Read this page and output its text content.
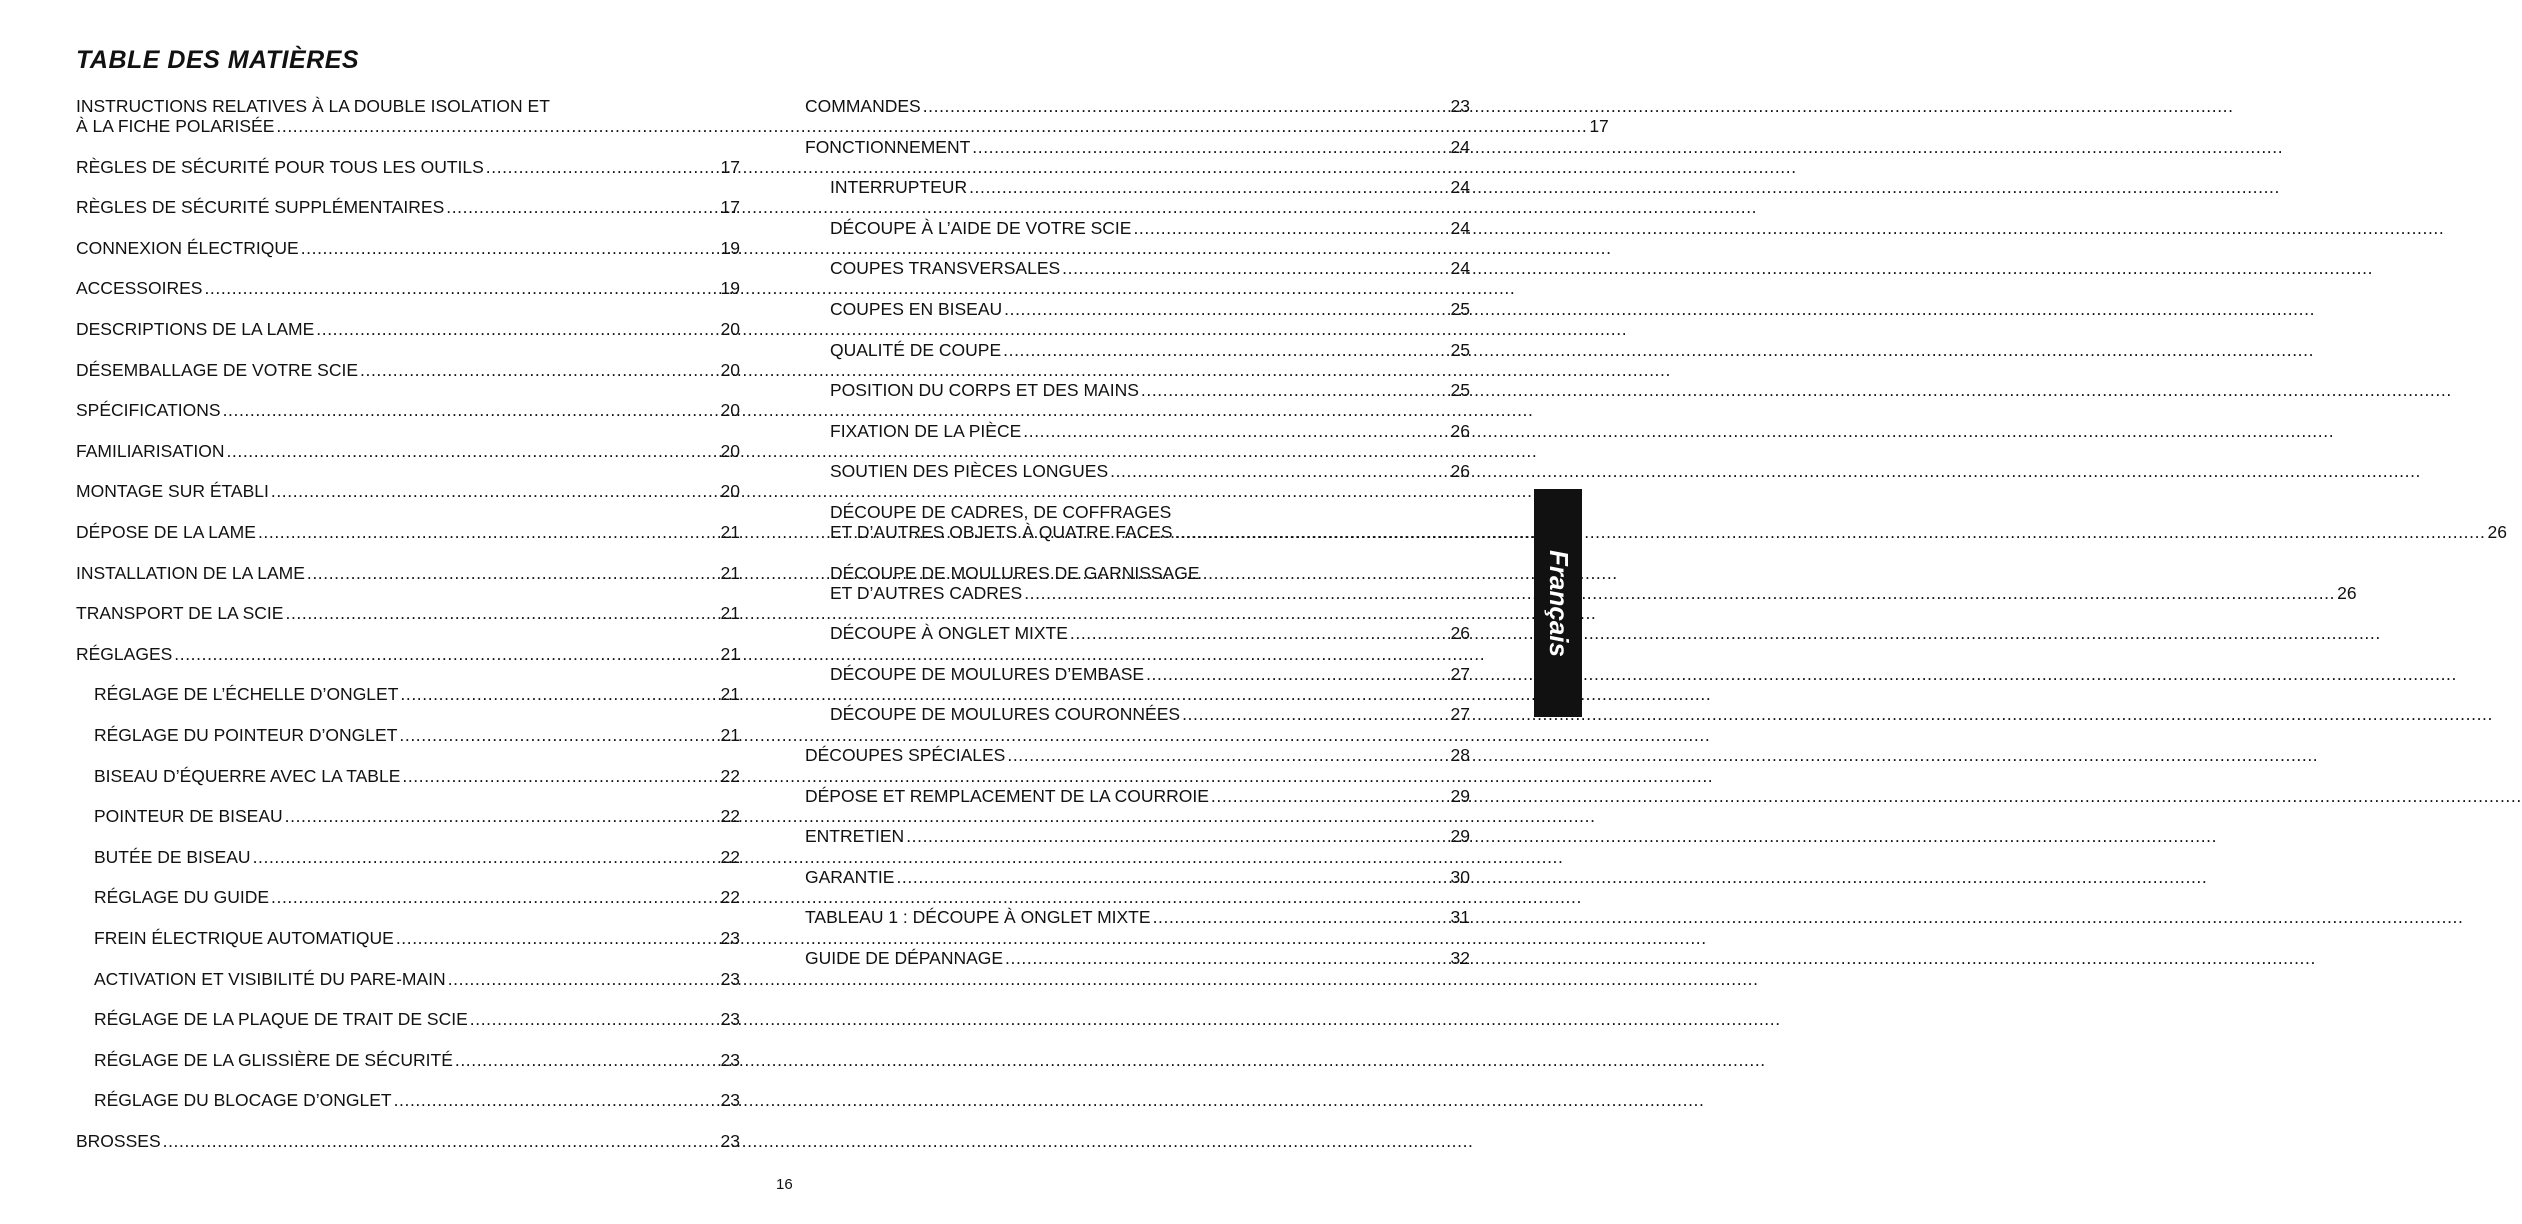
TABLE DES MATIÈRES
INSTRUCTIONS RELATIVES À LA DOUBLE ISOLATION ET
À LA FICHE POLARISÉE .....	17
RÈGLES DE SÉCURITÉ POUR TOUS LES OUTILS .....	17
RÈGLES DE SÉCURITÉ SUPPLÉMENTAIRES .....	17
CONNEXION ÉLECTRIQUE .....	19
ACCESSOIRES .....	19
DESCRIPTIONS DE LA LAME .....	20
DÉSEMBALLAGE DE VOTRE SCIE .....	20
SPÉCIFICATIONS .....	20
FAMILIARISATION .....	20
MONTAGE SUR ÉTABLI .....	20
DÉPOSE DE LA LAME .....	21
INSTALLATION DE LA LAME .....	21
TRANSPORT DE LA SCIE .....	21
RÉGLAGES .....	21
RÉGLAGE DE L’ÉCHELLE D’ONGLET .....	21
RÉGLAGE DU POINTEUR D’ONGLET .....	21
BISEAU D’ÉQUERRE AVEC LA TABLE .....	22
POINTEUR DE BISEAU .....	22
BUTÉE DE BISEAU .....	22
RÉGLAGE DU GUIDE .....	22
FREIN ÉLECTRIQUE AUTOMATIQUE .....	23
ACTIVATION ET VISIBILITÉ DU PARE-MAIN .....	23
RÉGLAGE DE LA PLAQUE DE TRAIT DE SCIE .....	23
RÉGLAGE DE LA GLISSIÈRE DE SÉCURITÉ .....	23
RÉGLAGE DU BLOCAGE D’ONGLET .....	23
BROSSES .....	23
COMMANDES .....	23
FONCTIONNEMENT .....	24
INTERRUPTEUR .....	24
DÉCOUPE À L’AIDE DE VOTRE SCIE .....	24
COUPES TRANSVERSALES .....	24
COUPES EN BISEAU .....	25
QUALITÉ DE COUPE .....	25
POSITION DU CORPS ET DES MAINS .....	25
FIXATION DE LA PIÈCE .....	26
SOUTIEN DES PIÈCES LONGUES .....	26
DÉCOUPE DE CADRES, DE COFFRAGES
ET D’AUTRES OBJETS À QUATRE FACES .....	26
DÉCOUPE DE MOULURES DE GARNISSAGE
ET D’AUTRES CADRES .....	26
DÉCOUPE À ONGLET MIXTE .....	26
DÉCOUPE DE MOULURES D’EMBASE .....	27
DÉCOUPE DE MOULURES COURONNÉES .....	27
DÉCOUPES SPÉCIALES .....	28
DÉPOSE ET REMPLACEMENT DE LA COURROIE .....	29
ENTRETIEN .....	29
GARANTIE .....	30
TABLEAU 1 : DÉCOUPE À ONGLET MIXTE .....	31
GUIDE DE DÉPANNAGE .....	32
Français
16
